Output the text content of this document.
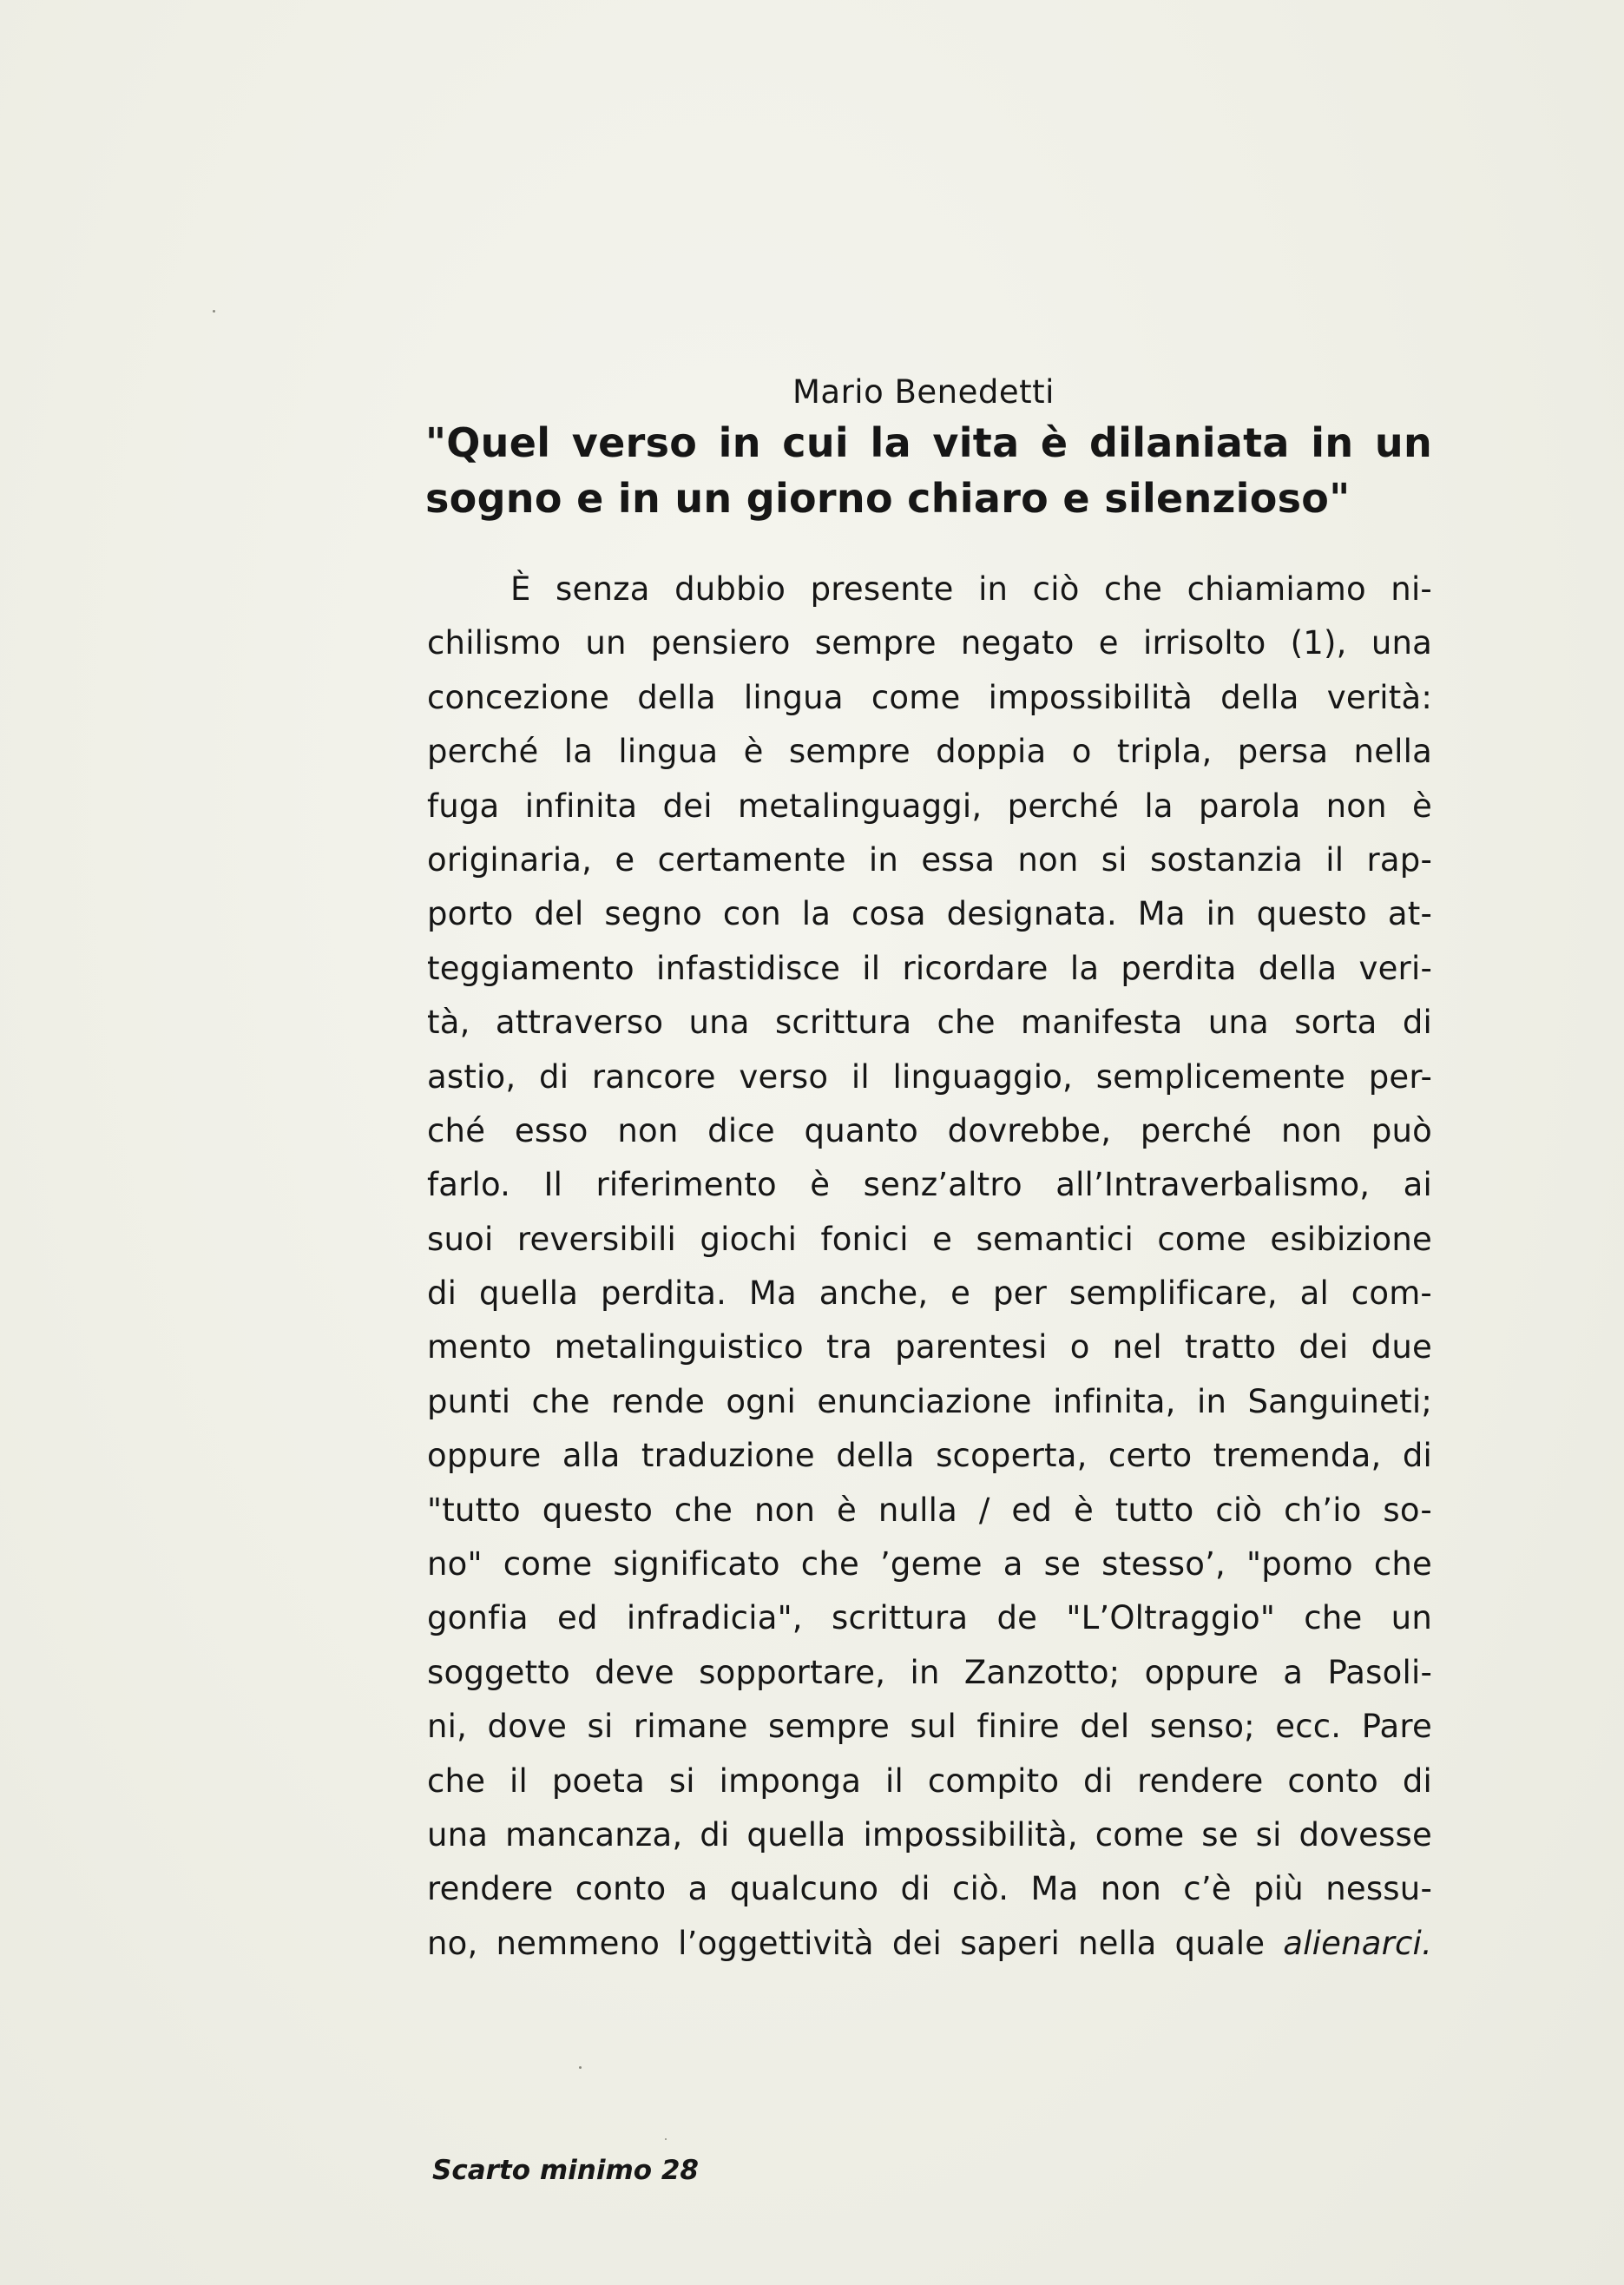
Mario Benedetti
"Quel verso in cui la vita è dilaniata in un
sogno e in un giorno chiaro e silenzioso"
È senza dubbio presente in ciò che chiamiamo ni-
chilismo un pensiero sempre negato e irrisolto (1), una
concezione della lingua come impossibilità della verità:
perché la lingua è sempre doppia o tripla, persa nella
fuga infinita dei metalinguaggi, perché la parola non è
originaria, e certamente in essa non si sostanzia il rap-
porto del segno con la cosa designata. Ma in questo at-
teggiamento infastidisce il ricordare la perdita della veri-
tà, attraverso una scrittura che manifesta una sorta di
astio, di rancore verso il linguaggio, semplicemente per-
ché esso non dice quanto dovrebbe, perché non può
farlo. Il riferimento è senz’altro all’Intraverbalismo, ai
suoi reversibili giochi fonici e semantici come esibizione
di quella perdita. Ma anche, e per semplificare, al com-
mento metalinguistico tra parentesi o nel tratto dei due
punti che rende ogni enunciazione infinita, in Sanguineti;
oppure alla traduzione della scoperta, certo tremenda, di
"tutto questo che non è nulla / ed è tutto ciò ch’io so-
no" come significato che ’geme a se stesso’, "pomo che
gonfia ed infradicia", scrittura de "L’Oltraggio" che un
soggetto deve sopportare, in Zanzotto; oppure a Pasoli-
ni, dove si rimane sempre sul finire del senso; ecc. Pare
che il poeta si imponga il compito di rendere conto di
una mancanza, di quella impossibilità, come se si dovesse
rendere conto a qualcuno di ciò. Ma non c’è più nessu-
no, nemmeno l’oggettività dei saperi nella quale alienarci.
Scarto minimo 28
